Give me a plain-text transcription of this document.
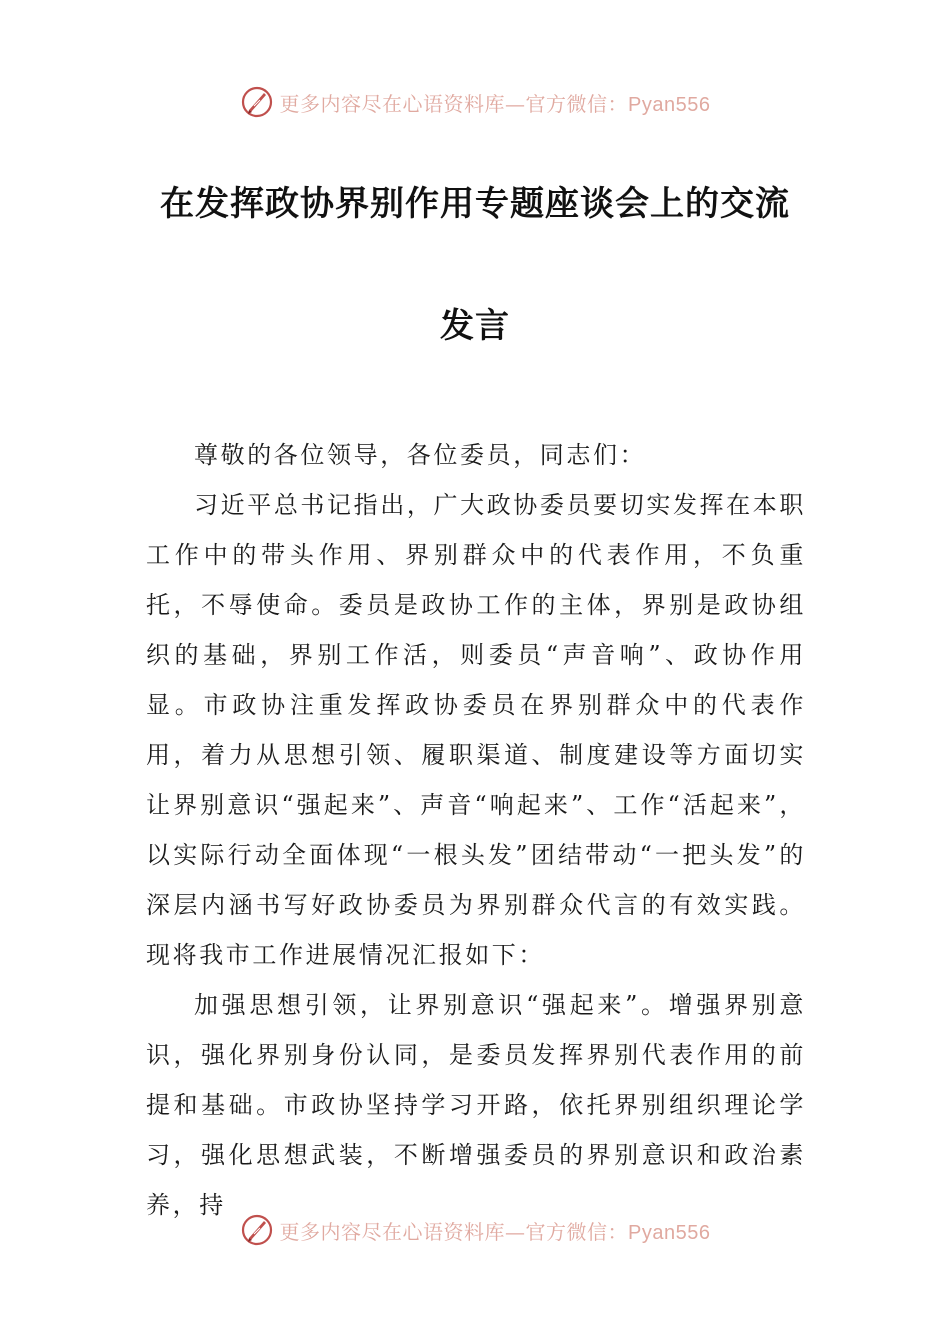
更多内容尽在心语资料库—官方微信：Pyan556
在发挥政协界别作用专题座谈会上的交流
发言

尊敬的各位领导，各位委员，同志们：

习近平总书记指出，广大政协委员要切实发挥在本职工作中的带头作用、界别群众中的代表作用，不负重托，不辱使命。委员是政协工作的主体，界别是政协组织的基础，界别工作活，则委员“声音响”、政协作用显。市政协注重发挥政协委员在界别群众中的代表作用，着力从思想引领、履职渠道、制度建设等方面切实让界别意识“强起来”、声音“响起来”、工作“活起来”，以实际行动全面体现“一根头发”团结带动“一把头发”的深层内涵书写好政协委员为界别群众代言的有效实践。现将我市工作进展情况汇报如下：

加强思想引领，让界别意识“强起来”。增强界别意识，强化界别身份认同，是委员发挥界别代表作用的前提和基础。市政协坚持学习开路，依托界别组织理论学习，强化思想武装，不断增强委员的界别意识和政治素养，持

更多内容尽在心语资料库—官方微信：Pyan556
